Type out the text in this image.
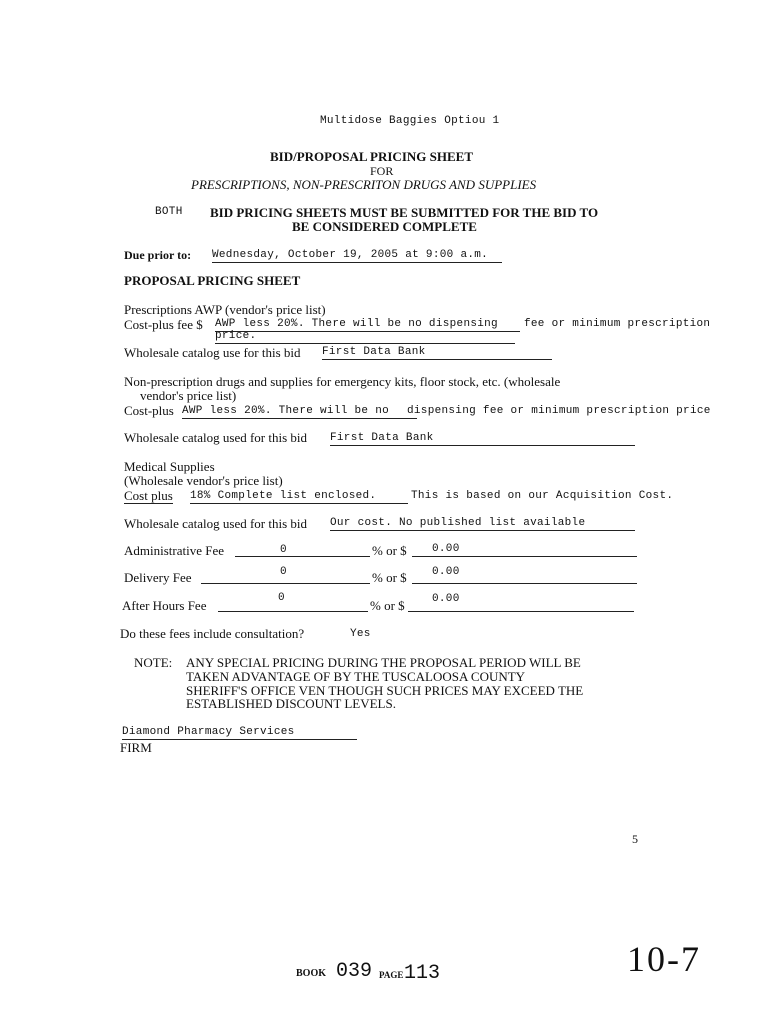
Multidose Baggies Optiou 1
BID/PROPOSAL PRICING SHEET
FOR
PRESCRIPTIONS, NON-PRESCRITON DRUGS AND SUPPLIES
BOTH BID PRICING SHEETS MUST BE SUBMITTED FOR THE BID TO
BE CONSIDERED COMPLETE
Due prior to: Wednesday, October 19, 2005 at 9:00 a.m.
PROPOSAL PRICING SHEET
Prescriptions AWP (vendor's price list)
Cost-plus fee $ AWP less 20%. There will be no dispensing	fee or minimum prescription
price.
Wholesale catalog use for this bid First Data Bank
Non-prescription drugs and supplies for emergency kits, floor stock, etc. (wholesale
vendor's price list)
Cost-plus AWP less 20%. There will be no	dispensing fee or minimum prescription price
Wholesale catalog used for this bid First Data Bank
Medical Supplies
(Wholesale vendor's price list)
Cost plus 18% Complete list enclosed.	This is based on our Acquisition Cost.
Wholesale catalog used for this bid Our cost. No published list available
Administrative Fee	0	% or $ 0.00
Delivery Fee	0	% or $ 0.00
After Hours Fee	0	% or $ 0.00
Do these fees include consultation?	Yes
NOTE: ANY SPECIAL PRICING DURING THE PROPOSAL PERIOD WILL BE
TAKEN ADVANTAGE OF BY THE TUSCALOOSA COUNTY
SHERIFF'S OFFICE VEN THOUGH SUCH PRICES MAY EXCEED THE
ESTABLISHED DISCOUNT LEVELS.
Diamond Pharmacy Services
FIRM
5
BOOK 039 PAGE 113	10-7
